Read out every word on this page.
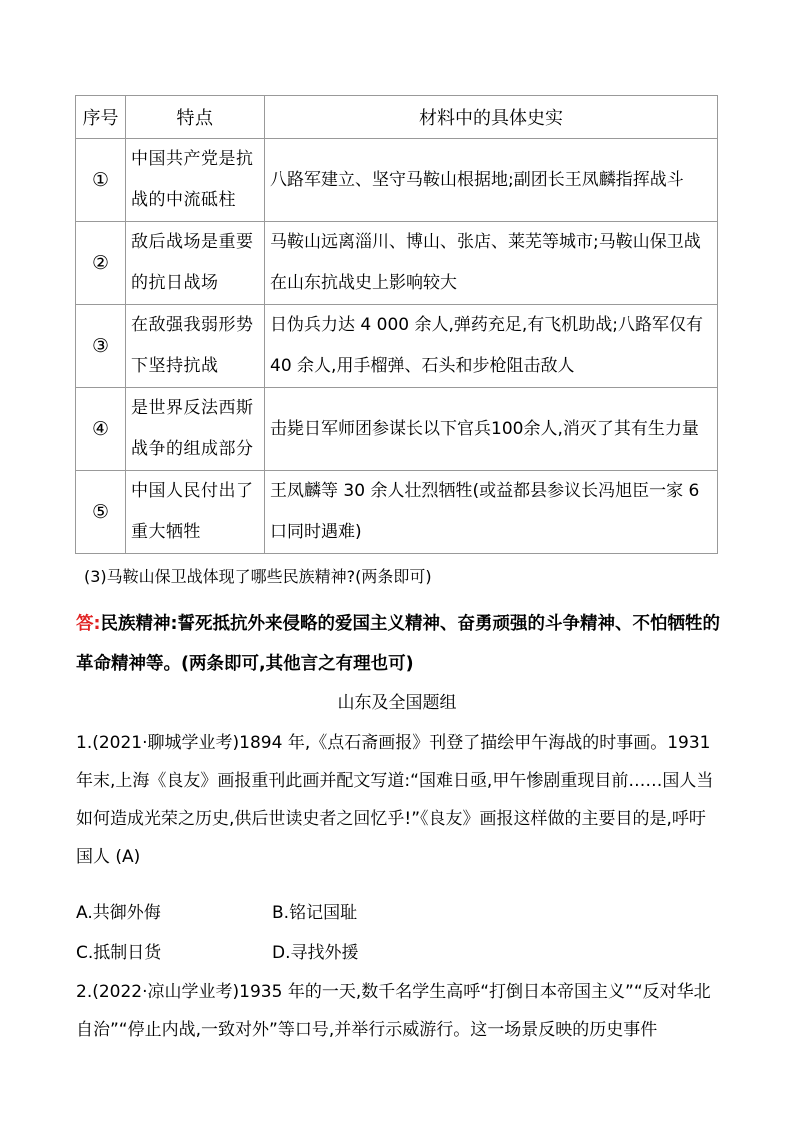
序号	特点	材料中的具体史实
①	中国共产党是抗战的中流砥柱	八路军建立、坚守马鞍山根据地;副团长王凤麟指挥战斗
②	敌后战场是重要的抗日战场	马鞍山远离淄川、博山、张店、莱芜等城市;马鞍山保卫战在山东抗战史上影响较大
③	在敌强我弱形势下坚持抗战	日伪兵力达 4 000 余人,弹药充足,有飞机助战;八路军仅有 40 余人,用手榴弹、石头和步枪阻击敌人
④	是世界反法西斯战争的组成部分	击毙日军师团参谋长以下官兵100余人,消灭了其有生力量
⑤	中国人民付出了重大牺牲	王凤麟等 30 余人壮烈牺牲(或益都县参议长冯旭臣一家 6 口同时遇难)
(3)马鞍山保卫战体现了哪些民族精神?(两条即可)
答:民族精神:誓死抵抗外来侵略的爱国主义精神、奋勇顽强的斗争精神、不怕牺牲的革命精神等。(两条即可,其他言之有理也可)
山东及全国题组
1.(2021·聊城学业考)1894 年,《点石斋画报》刊登了描绘甲午海战的时事画。1931 年末,上海《良友》画报重刊此画并配文写道:“国难日亟,甲午惨剧重现目前……国人当如何造成光荣之历史,供后世读史者之回忆乎!”《良友》画报这样做的主要目的是,呼吁国人 (A)
A.共御外侮	B.铭记国耻
C.抵制日货	D.寻找外援
2.(2022·凉山学业考)1935 年的一天,数千名学生高呼“打倒日本帝国主义”“反对华北自治”“停止内战,一致对外”等口号,并举行示威游行。这一场景反映的历史事件
